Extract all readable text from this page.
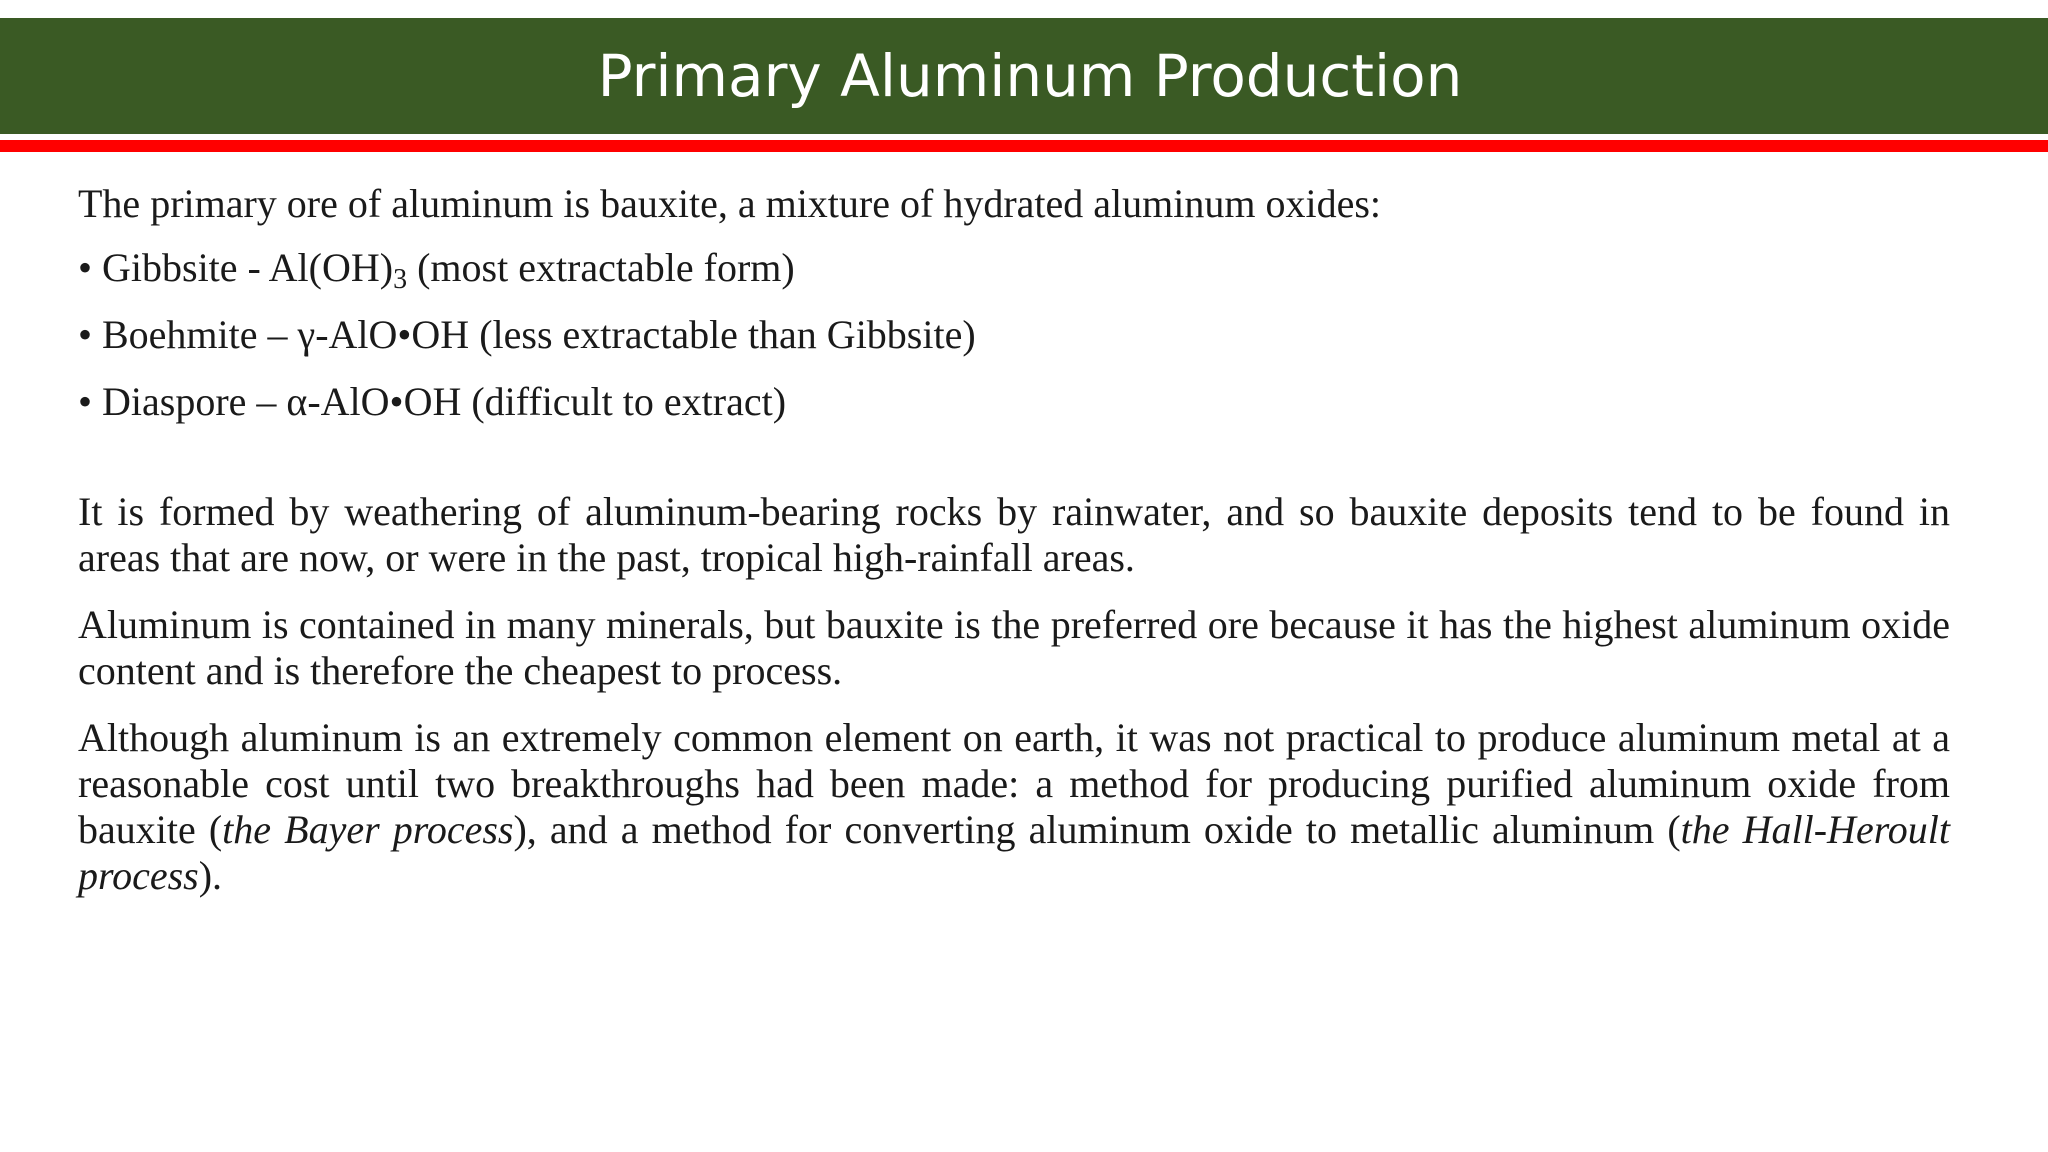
Primary Aluminum Production

The primary ore of aluminum is bauxite, a mixture of hydrated aluminum oxides:

• Gibbsite - $Al(OH)_3$ (most extractable form)
• Boehmite – γ-AlO•OH (less extractable than Gibbsite)
• Diaspore – α-AlO•OH (difficult to extract)

It is formed by weathering of aluminum-bearing rocks by rainwater, and so bauxite deposits tend to be found in areas that are now, or were in the past, tropical high-rainfall areas.

Aluminum is contained in many minerals, but bauxite is the preferred ore because it has the highest aluminum oxide content and is therefore the cheapest to process.

Although aluminum is an extremely common element on earth, it was not practical to produce aluminum metal at a reasonable cost until two breakthroughs had been made: a method for producing purified aluminum oxide from bauxite (the Bayer process), and a method for converting aluminum oxide to metallic aluminum (the Hall-Heroult process).
